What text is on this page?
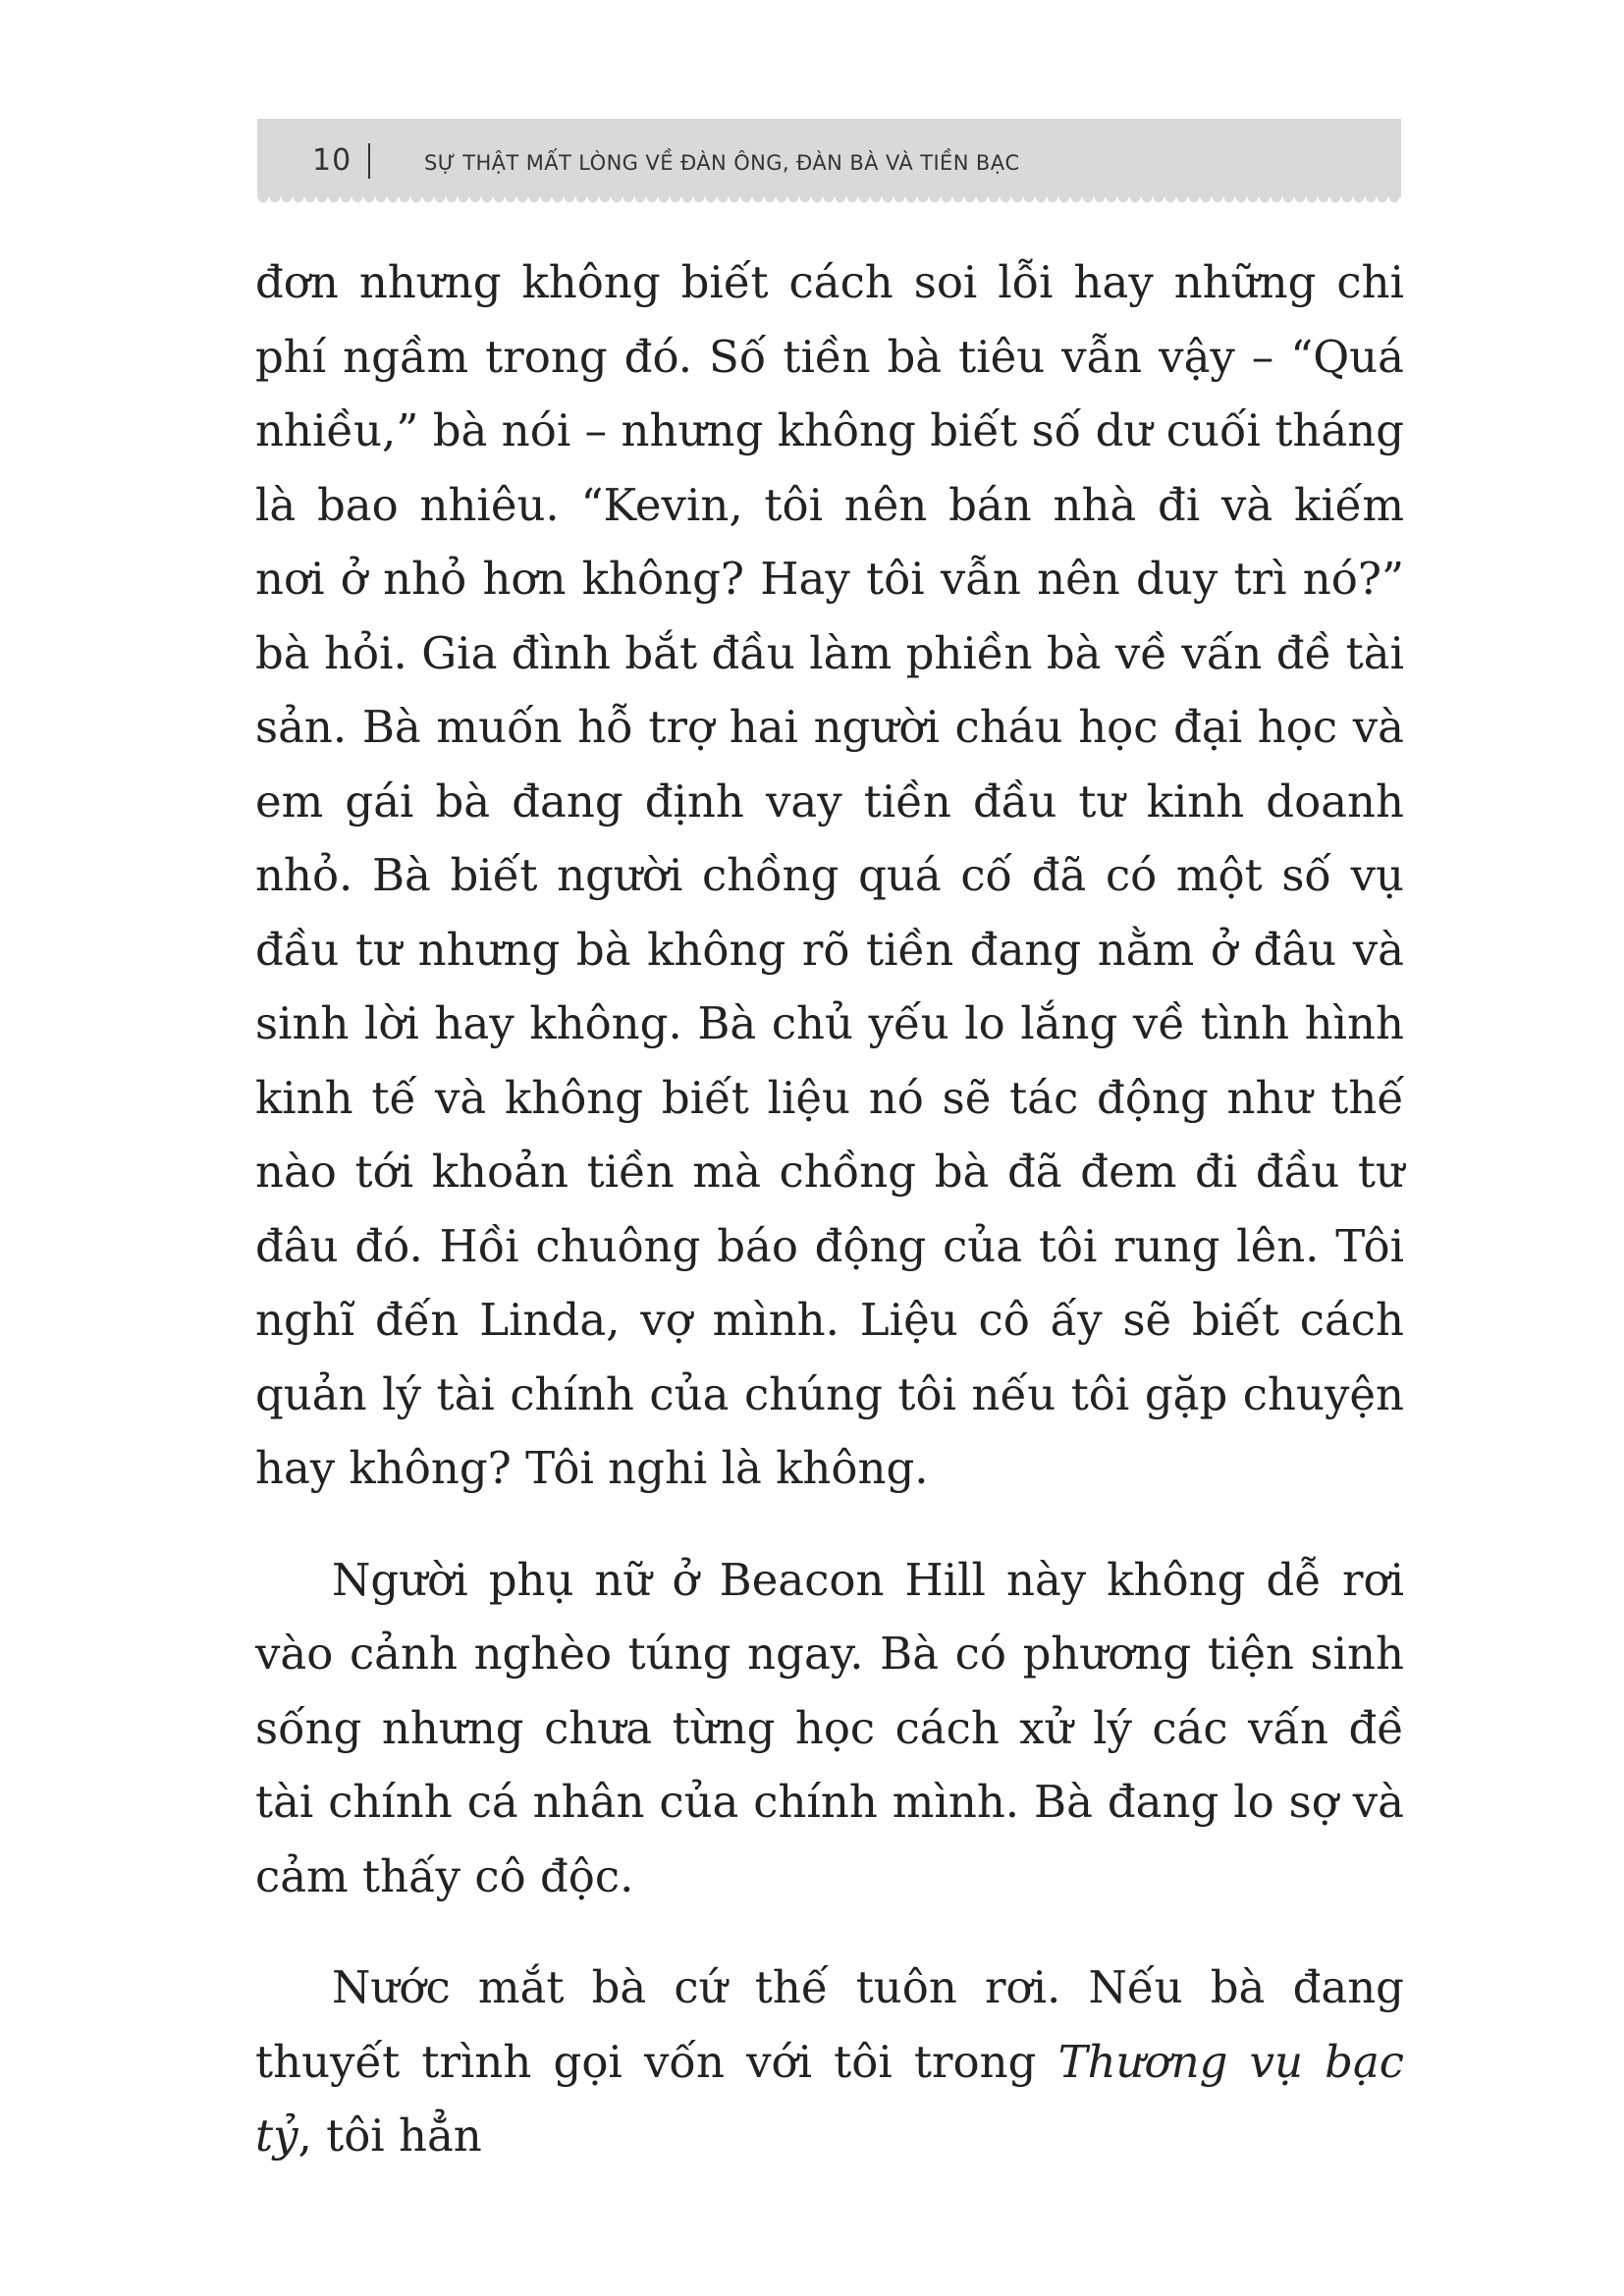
10	SỰ THẬT MẤT LÒNG VỀ ĐÀN ÔNG, ĐÀN BÀ VÀ TIỀN BẠC

đơn nhưng không biết cách soi lỗi hay những chi phí ngầm trong đó. Số tiền bà tiêu vẫn vậy – “Quá nhiều,” bà nói – nhưng không biết số dư cuối tháng là bao nhiêu. “Kevin, tôi nên bán nhà đi và kiếm nơi ở nhỏ hơn không? Hay tôi vẫn nên duy trì nó?” bà hỏi. Gia đình bắt đầu làm phiền bà về vấn đề tài sản. Bà muốn hỗ trợ hai người cháu học đại học và em gái bà đang định vay tiền đầu tư kinh doanh nhỏ. Bà biết người chồng quá cố đã có một số vụ đầu tư nhưng bà không rõ tiền đang nằm ở đâu và sinh lời hay không. Bà chủ yếu lo lắng về tình hình kinh tế và không biết liệu nó sẽ tác động như thế nào tới khoản tiền mà chồng bà đã đem đi đầu tư đâu đó. Hồi chuông báo động của tôi rung lên. Tôi nghĩ đến Linda, vợ mình. Liệu cô ấy sẽ biết cách quản lý tài chính của chúng tôi nếu tôi gặp chuyện hay không? Tôi nghi là không.

Người phụ nữ ở Beacon Hill này không dễ rơi vào cảnh nghèo túng ngay. Bà có phương tiện sinh sống nhưng chưa từng học cách xử lý các vấn đề tài chính cá nhân của chính mình. Bà đang lo sợ và cảm thấy cô độc.

Nước mắt bà cứ thế tuôn rơi. Nếu bà đang thuyết trình gọi vốn với tôi trong Thương vụ bạc tỷ, tôi hẳn
